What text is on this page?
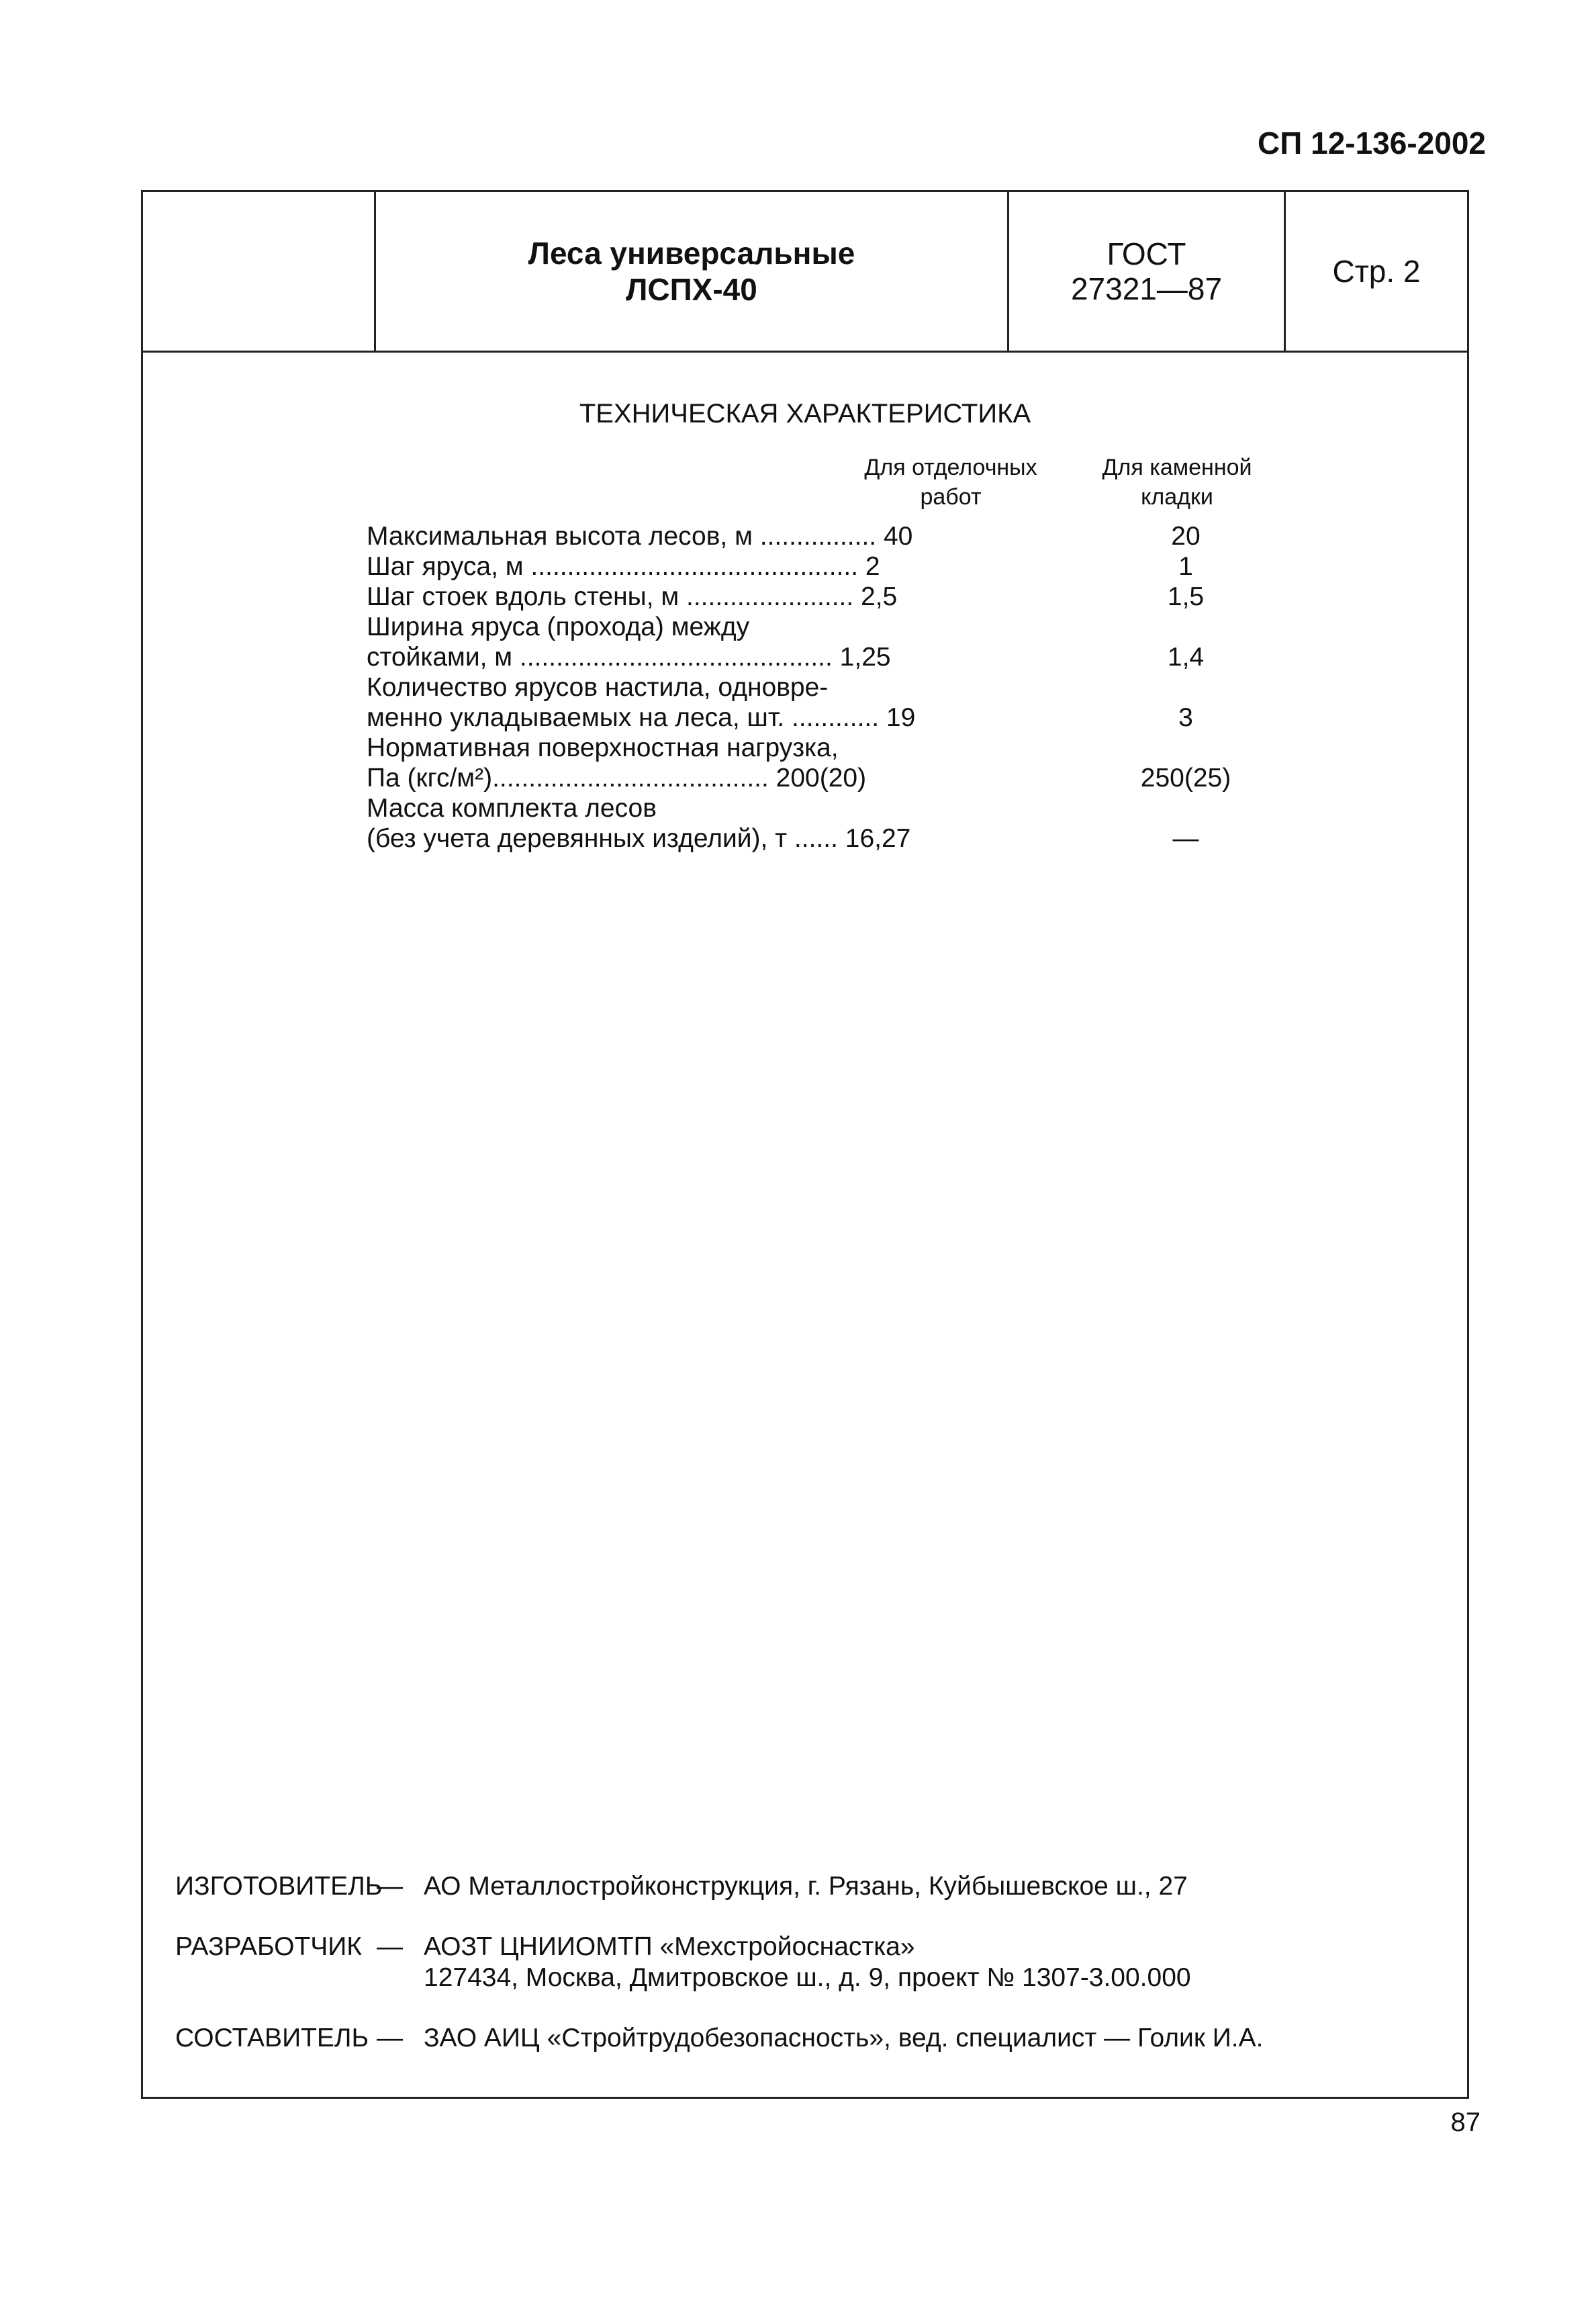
СП 12-136-2002
Леса универсальные
ЛСПХ-40
ГОСТ
27321—87	Стр. 2
ТЕХНИЧЕСКАЯ ХАРАКТЕРИСТИКА
Для отделочных
работ
Для каменной
кладки
Максимальная высота лесов, м ................ 40	20
Шаг яруса, м ............................................. 2	1
Шаг стоек вдоль стены, м ....................... 2,5	1,5
Ширина яруса (прохода) между
стойками, м ........................................... 1,25	1,4
Количество ярусов настила, одновре-
менно укладываемых на леса, шт. ............ 19	3
Нормативная поверхностная нагрузка,
Па (кгс/м²)...................................... 200(20)	250(25)
Масса комплекта лесов
(без учета деревянных изделий), т ...... 16,27	—
ИЗГОТОВИТЕЛЬ
— АО Металлостройконструкция, г. Рязань, Куйбышевское ш., 27
РАЗРАБОТЧИК — АОЗТ ЦНИИОМТП «Мехстройоснастка»
127434, Москва, Дмитровское ш., д. 9, проект № 1307-3.00.000
СОСТАВИТЕЛЬ — ЗАО АИЦ «Стройтрудобезопасность», вед. специалист — Голик И.А.
87
